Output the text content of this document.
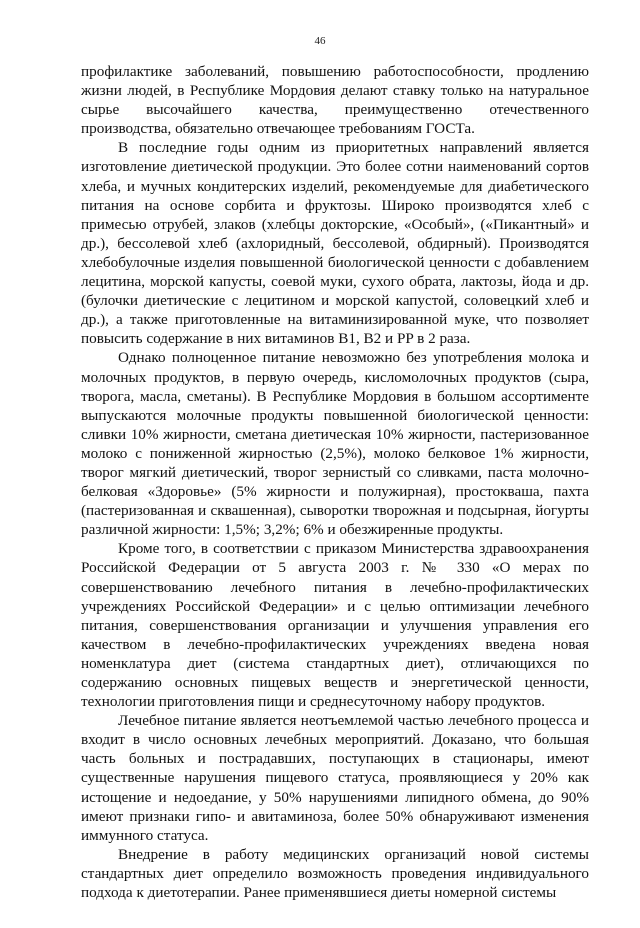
46

профилактике заболеваний, повышению работоспособности, продлению жизни людей, в Республике Мордовия делают ставку только на натуральное сырье высочайшего качества, преимущественно отечественного производства, обязательно отвечающее требованиям ГОСТа.

В последние годы одним из приоритетных направлений является изготовление диетической продукции. Это более сотни наименований сортов хлеба, и мучных кондитерских изделий, рекомендуемые для диабетического питания на основе сорбита и фруктозы. Широко производятся хлеб с примесью отрубей, злаков (хлебцы докторские, «Особый», («Пикантный» и др.), бессолевой хлеб (ахлоридный, бессолевой, обдирный). Производятся хлебобулочные изделия повышенной биологической ценности с добавлением лецитина, морской капусты, соевой муки, сухого обрата, лактозы, йода и др. (булочки диетические с лецитином и морской капустой, соловецкий хлеб и др.), а также приготовленные на витаминизированной муке, что позволяет повысить содержание в них витаминов B1, B2 и PP в 2 раза.

Однако полноценное питание невозможно без употребления молока и молочных продуктов, в первую очередь, кисломолочных продуктов (сыра, творога, масла, сметаны). В Республике Мордовия в большом ассортименте выпускаются молочные продукты повышенной биологической ценности: сливки 10% жирности, сметана диетическая 10% жирности, пастеризованное молоко с пониженной жирностью (2,5%), молоко белковое 1% жирности, творог мягкий диетический, творог зернистый со сливками, паста молочно-белковая «Здоровье» (5% жирности и полужирная), простокваша, пахта (пастеризованная и сквашенная), сыворотки творожная и подсырная, йогурты различной жирности: 1,5%; 3,2%; 6% и обезжиренные продукты.

Кроме того, в соответствии с приказом Министерства здравоохранения Российской Федерации от 5 августа 2003 г. № 330 «О мерах по совершенствованию лечебного питания в лечебно-профилактических учреждениях Российской Федерации» и с целью оптимизации лечебного питания, совершенствования организации и улучшения управления его качеством в лечебно-профилактических учреждениях введена новая номенклатура диет (система стандартных диет), отличающихся по содержанию основных пищевых веществ и энергетической ценности, технологии приготовления пищи и среднесуточному набору продуктов.

Лечебное питание является неотъемлемой частью лечебного процесса и входит в число основных лечебных мероприятий. Доказано, что большая часть больных и пострадавших, поступающих в стационары, имеют существенные нарушения пищевого статуса, проявляющиеся у 20% как истощение и недоедание, у 50% нарушениями липидного обмена, до 90% имеют признаки гипо- и авитаминоза, более 50% обнаруживают изменения иммунного статуса.

Внедрение в работу медицинских организаций новой системы стандартных диет определило возможность проведения индивидуального подхода к диетотерапии. Ранее применявшиеся диеты номерной системы
